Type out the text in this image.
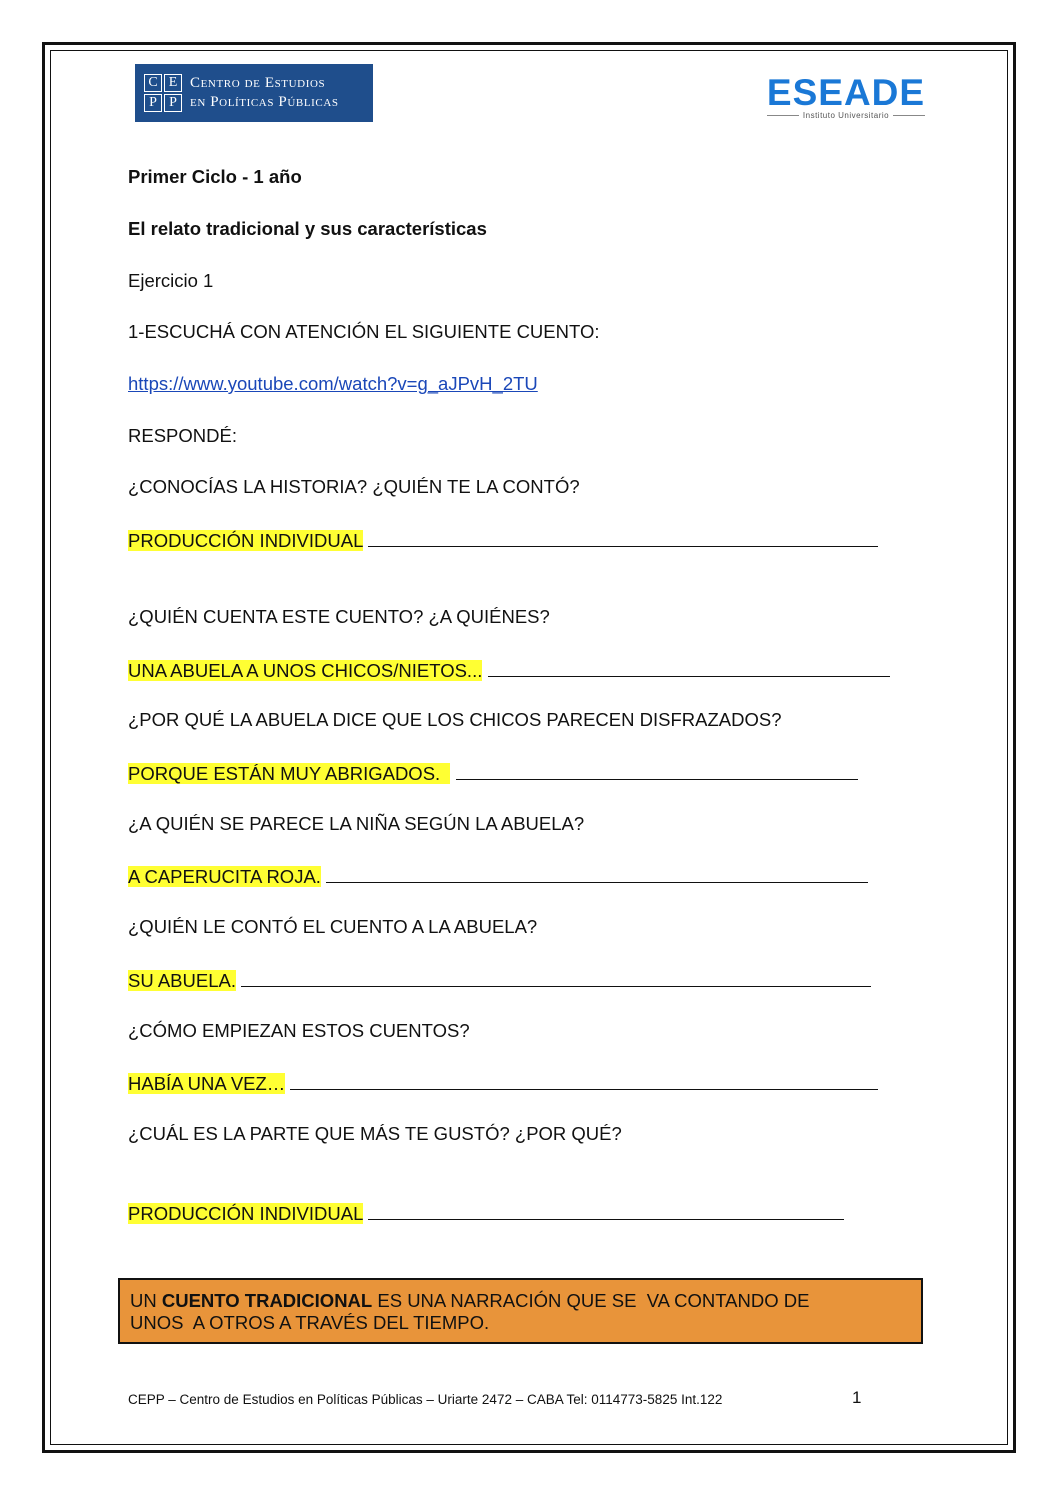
C E
P P
Centro de Estudios
en Políticas Públicas	ESEADE
Instituto Universitario
Primer Ciclo - 1 año
El relato tradicional y sus características
Ejercicio 1
1-ESCUCHÁ CON ATENCIÓN EL SIGUIENTE CUENTO:
https://www.youtube.com/watch?v=g_aJPvH_2TU
RESPONDÉ:
¿CONOCÍAS LA HISTORIA? ¿QUIÉN TE LA CONTÓ?
PRODUCCIÓN INDIVIDUAL
¿QUIÉN CUENTA ESTE CUENTO? ¿A QUIÉNES?
UNA ABUELA A UNOS CHICOS/NIETOS...
¿POR QUÉ LA ABUELA DICE QUE LOS CHICOS PARECEN DISFRAZADOS?
PORQUE ESTÁN MUY ABRIGADOS.
¿A QUIÉN SE PARECE LA NIÑA SEGÚN LA ABUELA?
A CAPERUCITA ROJA.
¿QUIÉN LE CONTÓ EL CUENTO A LA ABUELA?
SU ABUELA.
¿CÓMO EMPIEZAN ESTOS CUENTOS?
HABÍA UNA VEZ…
¿CUÁL ES LA PARTE QUE MÁS TE GUSTÓ? ¿POR QUÉ?
PRODUCCIÓN INDIVIDUAL
UN CUENTO TRADICIONAL ES UNA NARRACIÓN QUE SE  VA CONTANDO DE
UNOS  A OTROS A TRAVÉS DEL TIEMPO.
CEPP – Centro de Estudios en Políticas Públicas – Uriarte 2472 – CABA Tel: 0114773-5825 Int.122	1
